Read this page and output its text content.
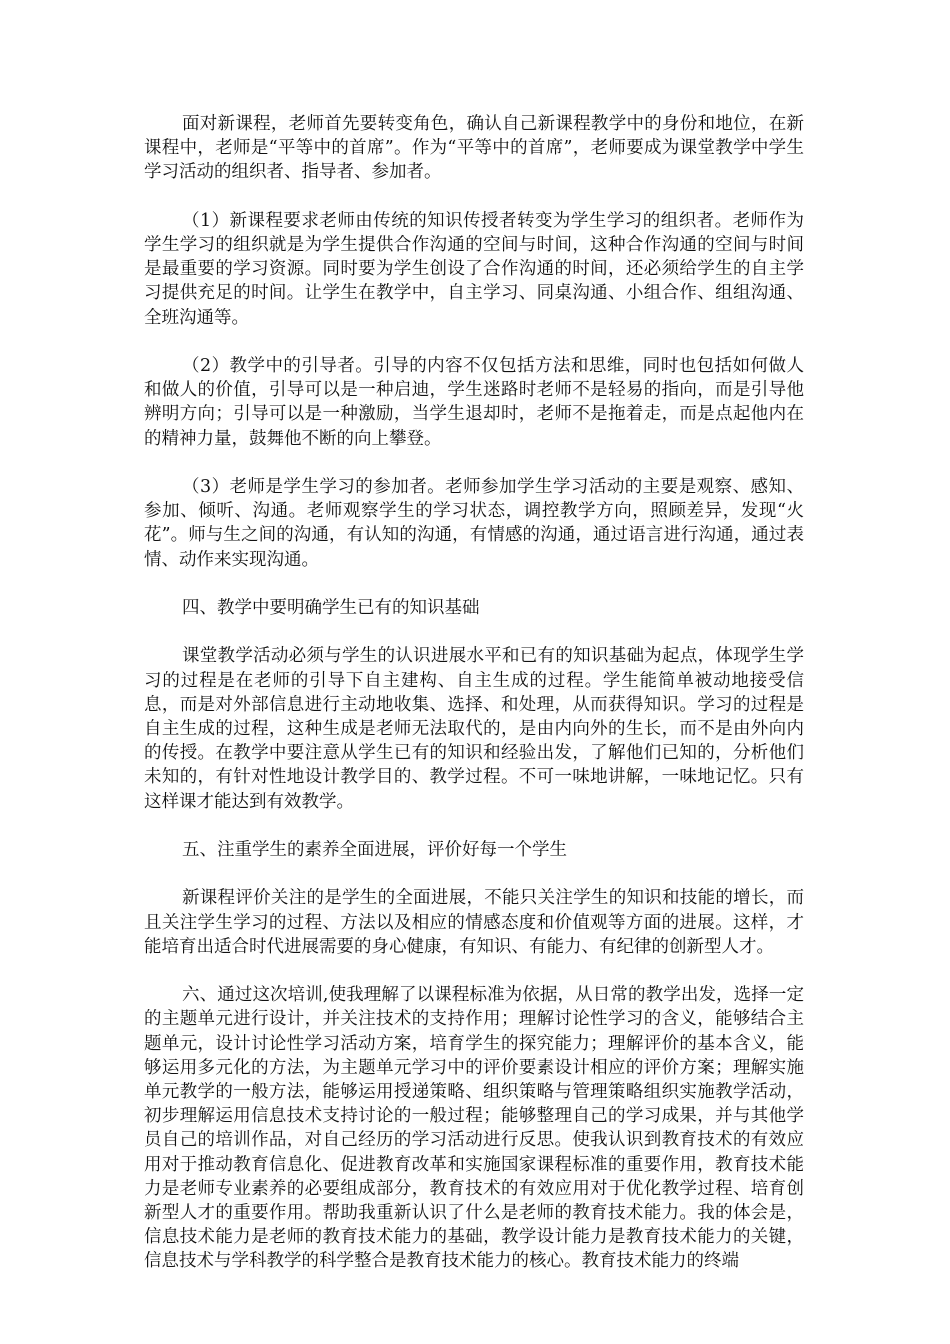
面对新课程，老师首先要转变角色，确认自己新课程教学中的身份和地位，在新课程中，老师是“平等中的首席”。作为“平等中的首席”，老师要成为课堂教学中学生学习活动的组织者、指导者、参加者。

（1）新课程要求老师由传统的知识传授者转变为学生学习的组织者。老师作为学生学习的组织就是为学生提供合作沟通的空间与时间，这种合作沟通的空间与时间是最重要的学习资源。同时要为学生创设了合作沟通的时间，还必须给学生的自主学习提供充足的时间。让学生在教学中，自主学习、同桌沟通、小组合作、组组沟通、全班沟通等。

（2）教学中的引导者。引导的内容不仅包括方法和思维，同时也包括如何做人和做人的价值，引导可以是一种启迪，学生迷路时老师不是轻易的指向，而是引导他辨明方向；引导可以是一种激励，当学生退却时，老师不是拖着走，而是点起他内在的精神力量，鼓舞他不断的向上攀登。

（3）老师是学生学习的参加者。老师参加学生学习活动的主要是观察、感知、参加、倾听、沟通。老师观察学生的学习状态，调控教学方向，照顾差异，发现“火花”。师与生之间的沟通，有认知的沟通，有情感的沟通，通过语言进行沟通，通过表情、动作来实现沟通。

四、教学中要明确学生已有的知识基础

课堂教学活动必须与学生的认识进展水平和已有的知识基础为起点，体现学生学习的过程是在老师的引导下自主建构、自主生成的过程。学生能简单被动地接受信息，而是对外部信息进行主动地收集、选择、和处理，从而获得知识。学习的过程是自主生成的过程，这种生成是老师无法取代的，是由内向外的生长，而不是由外向内的传授。在教学中要注意从学生已有的知识和经验出发，了解他们已知的，分析他们未知的，有针对性地设计教学目的、教学过程。不可一味地讲解，一味地记忆。只有这样课才能达到有效教学。

五、注重学生的素养全面进展，评价好每一个学生

新课程评价关注的是学生的全面进展，不能只关注学生的知识和技能的增长，而且关注学生学习的过程、方法以及相应的情感态度和价值观等方面的进展。这样，才能培育出适合时代进展需要的身心健康，有知识、有能力、有纪律的创新型人才。

六、通过这次培训,使我理解了以课程标准为依据，从日常的教学出发，选择一定的主题单元进行设计，并关注技术的支持作用；理解讨论性学习的含义，能够结合主题单元，设计讨论性学习活动方案，培育学生的探究能力；理解评价的基本含义，能够运用多元化的方法，为主题单元学习中的评价要素设计相应的评价方案；理解实施单元教学的一般方法，能够运用授递策略、组织策略与管理策略组织实施教学活动，初步理解运用信息技术支持讨论的一般过程；能够整理自己的学习成果，并与其他学员自己的培训作品，对自己经历的学习活动进行反思。使我认识到教育技术的有效应用对于推动教育信息化、促进教育改革和实施国家课程标准的重要作用，教育技术能力是老师专业素养的必要组成部分，教育技术的有效应用对于优化教学过程、培育创新型人才的重要作用。帮助我重新认识了什么是老师的教育技术能力。我的体会是，信息技术能力是老师的教育技术能力的基础，教学设计能力是教育技术能力的关键，信息技术与学科教学的科学整合是教育技术能力的核心。教育技术能力的终端
